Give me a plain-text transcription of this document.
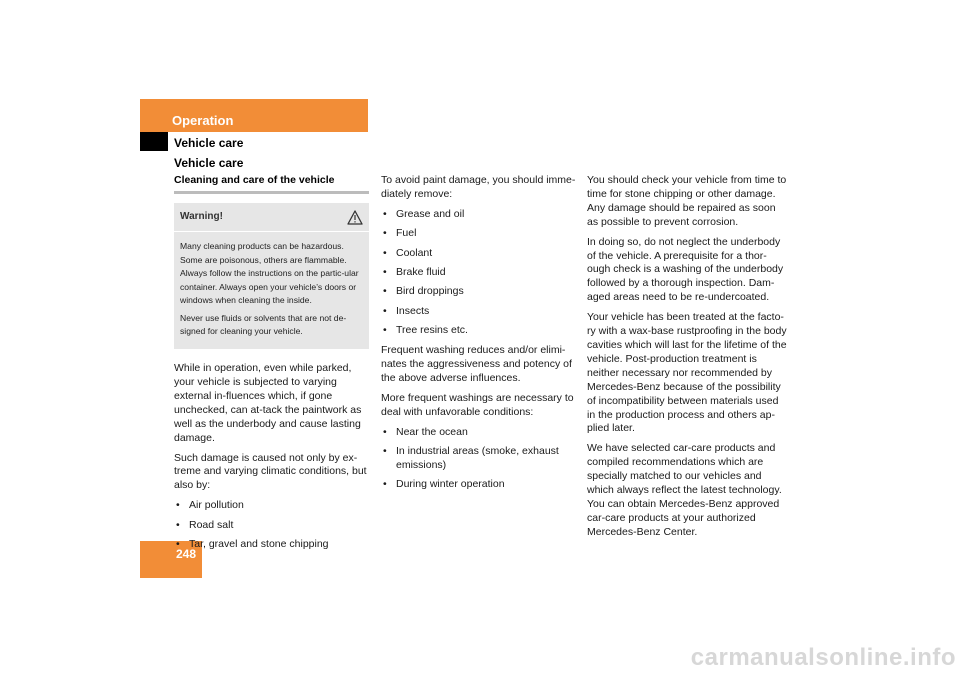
Operation
Vehicle care
Vehicle care
248
Cleaning and care of the vehicle
Warning!

Many cleaning products can be hazardous. Some are poisonous, others are flammable. Always follow the instructions on the partic-ular container. Always open your vehicle’s doors or windows when cleaning the inside.

Never use fluids or solvents that are not de-signed for cleaning your vehicle.

While in operation, even while parked, your vehicle is subjected to varying external in-fluences which, if gone unchecked, can at-tack the paintwork as well as the underbody and cause lasting damage.

Such damage is caused not only by ex-treme and varying climatic conditions, but also by:

• Air pollution
• Road salt
• Tar, gravel and stone chipping

To avoid paint damage, you should imme-diately remove:

• Grease and oil
• Fuel
• Coolant
• Brake fluid
• Bird droppings
• Insects
• Tree resins etc.

Frequent washing reduces and/or elimi-nates the aggressiveness and potency of the above adverse influences.

More frequent washings are necessary to deal with unfavorable conditions:

• Near the ocean
• In industrial areas (smoke, exhaust emissions)
• During winter operation

You should check your vehicle from time to time for stone chipping or other damage. Any damage should be repaired as soon as possible to prevent corrosion.

In doing so, do not neglect the underbody of the vehicle. A prerequisite for a thor-ough check is a washing of the underbody followed by a thorough inspection. Dam-aged areas need to be re-undercoated.

Your vehicle has been treated at the facto-ry with a wax-base rustproofing in the body cavities which will last for the lifetime of the vehicle. Post-production treatment is neither necessary nor recommended by Mercedes-Benz because of the possibility of incompatibility between materials used in the production process and others ap-plied later.

We have selected car-care products and compiled recommendations which are specially matched to our vehicles and which always reflect the latest technology. You can obtain Mercedes-Benz approved car-care products at your authorized Mercedes-Benz Center.

carmanualsonline.info
